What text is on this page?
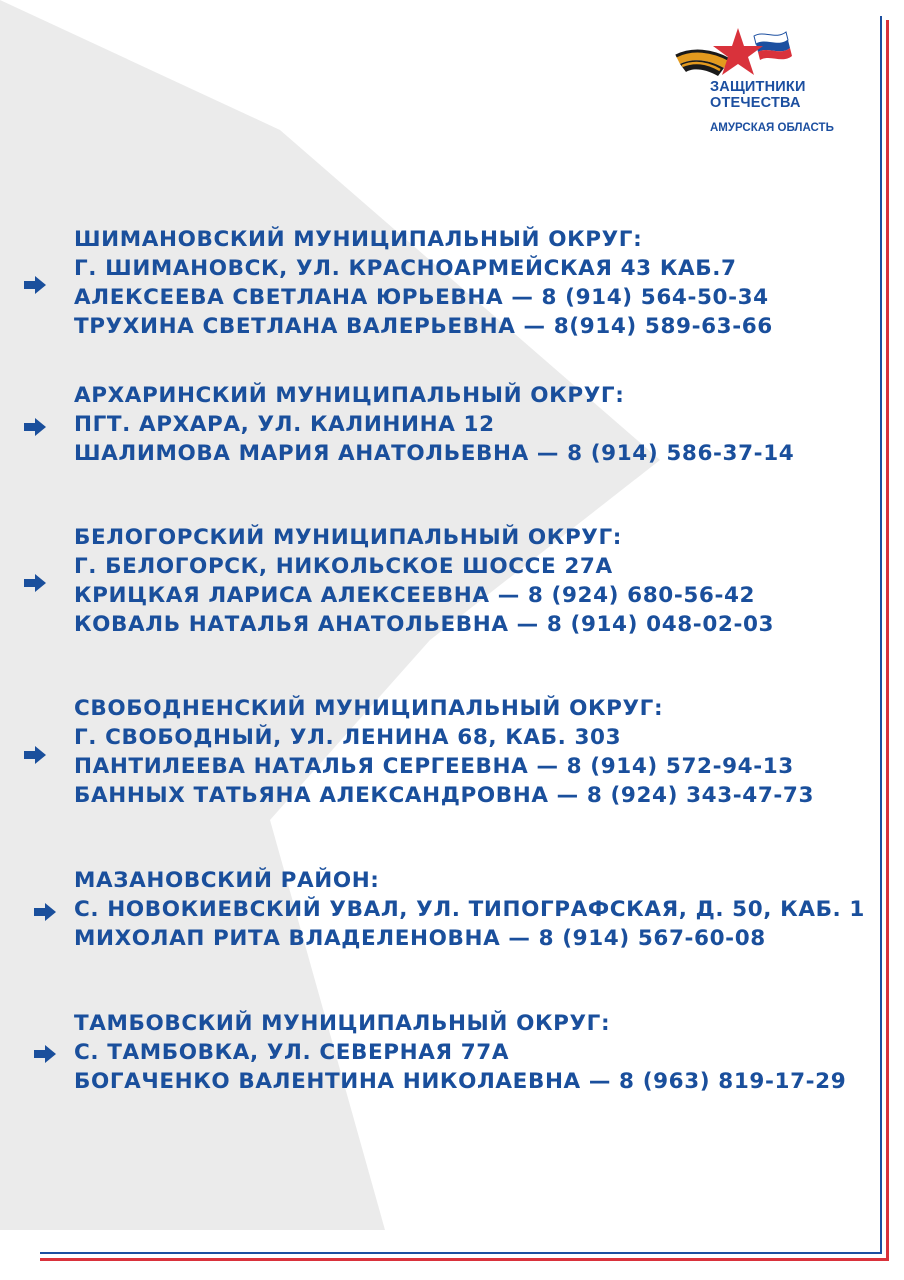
ЗАЩИТНИКИ
ОТЕЧЕСТВА
АМУРСКАЯ ОБЛАСТЬ
ШИМАНОВСКИЙ МУНИЦИПАЛЬНЫЙ ОКРУГ:
Г. ШИМАНОВСК, УЛ. КРАСНОАРМЕЙСКАЯ 43 КАБ.7
АЛЕКСЕЕВА СВЕТЛАНА ЮРЬЕВНА — 8 (914) 564-50-34
ТРУХИНА СВЕТЛАНА ВАЛЕРЬЕВНА — 8(914) 589-63-66
АРХАРИНСКИЙ МУНИЦИПАЛЬНЫЙ ОКРУГ:
ПГТ. АРХАРА, УЛ. КАЛИНИНА 12
ШАЛИМОВА МАРИЯ АНАТОЛЬЕВНА — 8 (914) 586-37-14
БЕЛОГОРСКИЙ МУНИЦИПАЛЬНЫЙ ОКРУГ:
Г. БЕЛОГОРСК, НИКОЛЬСКОЕ ШОССЕ 27А
КРИЦКАЯ ЛАРИСА АЛЕКСЕЕВНА — 8 (924) 680-56-42
КОВАЛЬ НАТАЛЬЯ АНАТОЛЬЕВНА — 8 (914) 048-02-03
СВОБОДНЕНСКИЙ МУНИЦИПАЛЬНЫЙ ОКРУГ:
Г. СВОБОДНЫЙ, УЛ. ЛЕНИНА 68, КАБ. 303
ПАНТИЛЕЕВА НАТАЛЬЯ СЕРГЕЕВНА — 8 (914) 572-94-13
БАННЫХ ТАТЬЯНА АЛЕКСАНДРОВНА — 8 (924) 343-47-73
МАЗАНОВСКИЙ РАЙОН:
С. НОВОКИЕВСКИЙ УВАЛ, УЛ. ТИПОГРАФСКАЯ, Д. 50, КАБ. 1
МИХОЛАП РИТА ВЛАДЕЛЕНОВНА — 8 (914) 567-60-08
ТАМБОВСКИЙ МУНИЦИПАЛЬНЫЙ ОКРУГ:
С. ТАМБОВКА, УЛ. СЕВЕРНАЯ 77А
БОГАЧЕНКО ВАЛЕНТИНА НИКОЛАЕВНА — 8 (963) 819-17-29
